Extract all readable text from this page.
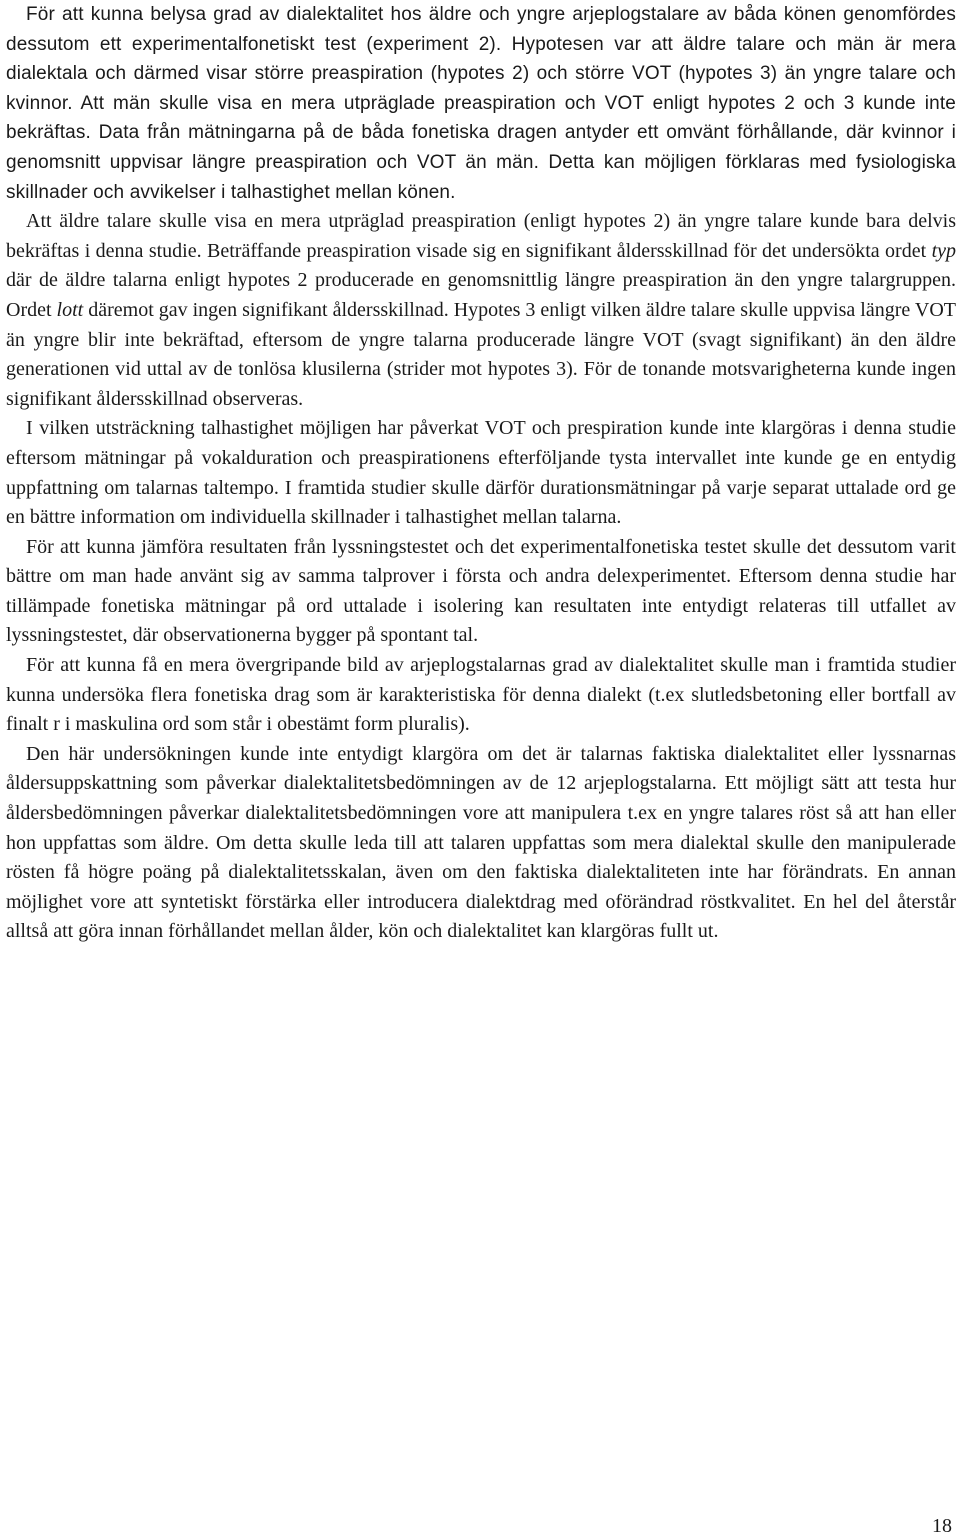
För att kunna belysa grad av dialektalitet hos äldre och yngre arjeplogstalare av båda könen genomfördes dessutom ett experimentalfonetiskt test (experiment 2). Hypotesen var att äldre talare och män är mera dialektala och därmed visar större preaspiration (hypotes 2) och större VOT (hypotes 3) än yngre talare och kvinnor. Att män skulle visa en mera utpräglade preaspiration och VOT enligt hypotes 2 och 3 kunde inte bekräftas. Data från mätningarna på de båda fonetiska dragen antyder ett omvänt förhållande, där kvinnor i genomsnitt uppvisar längre preaspiration och VOT än män. Detta kan möjligen förklaras med fysiologiska skillnader och avvikelser i talhastighet mellan könen.

Att äldre talare skulle visa en mera utpräglad preaspiration (enligt hypotes 2) än yngre talare kunde bara delvis bekräftas i denna studie. Beträffande preaspiration visade sig en signifikant åldersskillnad för det undersökta ordet typ där de äldre talarna enligt hypotes 2 producerade en genomsnittlig längre preaspiration än den yngre talargruppen. Ordet lott däremot gav ingen signifikant åldersskillnad. Hypotes 3 enligt vilken äldre talare skulle uppvisa längre VOT än yngre blir inte bekräftad, eftersom de yngre talarna producerade längre VOT (svagt signifikant) än den äldre generationen vid uttal av de tonlösa klusilerna (strider mot hypotes 3). För de tonande motsvarigheterna kunde ingen signifikant åldersskillnad observeras.

I vilken utsträckning talhastighet möjligen har påverkat VOT och prespiration kunde inte klargöras i denna studie eftersom mätningar på vokalduration och preaspirationens efterföljande tysta intervallet inte kunde ge en entydig uppfattning om talarnas taltempo. I framtida studier skulle därför durationsmätningar på varje separat uttalade ord ge en bättre information om individuella skillnader i talhastighet mellan talarna.

För att kunna jämföra resultaten från lyssningstestet och det experimentalfonetiska testet skulle det dessutom varit bättre om man hade använt sig av samma talprover i första och andra delexperimentet. Eftersom denna studie har tillämpade fonetiska mätningar på ord uttalade i isolering kan resultaten inte entydigt relateras till utfallet av lyssningstestet, där observationerna bygger på spontant tal.

För att kunna få en mera övergripande bild av arjeplogstalarnas grad av dialektalitet skulle man i framtida studier kunna undersöka flera fonetiska drag som är karakteristiska för denna dialekt (t.ex slutledsbetoning eller bortfall av finalt r i maskulina ord som står i obestämt form pluralis).

Den här undersökningen kunde inte entydigt klargöra om det är talarnas faktiska dialektalitet eller lyssnarnas åldersuppskattning som påverkar dialektalitetsbedömningen av de 12 arjeplogstalarna. Ett möjligt sätt att testa hur åldersbedömningen påverkar dialektalitetsbedömningen vore att manipulera t.ex en yngre talares röst så att han eller hon uppfattas som äldre. Om detta skulle leda till att talaren uppfattas som mera dialektal skulle den manipulerade rösten få högre poäng på dialektalitetsskalan, även om den faktiska dialektaliteten inte har förändrats. En annan möjlighet vore att syntetiskt förstärka eller introducera dialektdrag med oförändrad röstkvalitet. En hel del återstår alltså att göra innan förhållandet mellan ålder, kön och dialektalitet kan klargöras fullt ut.

18
